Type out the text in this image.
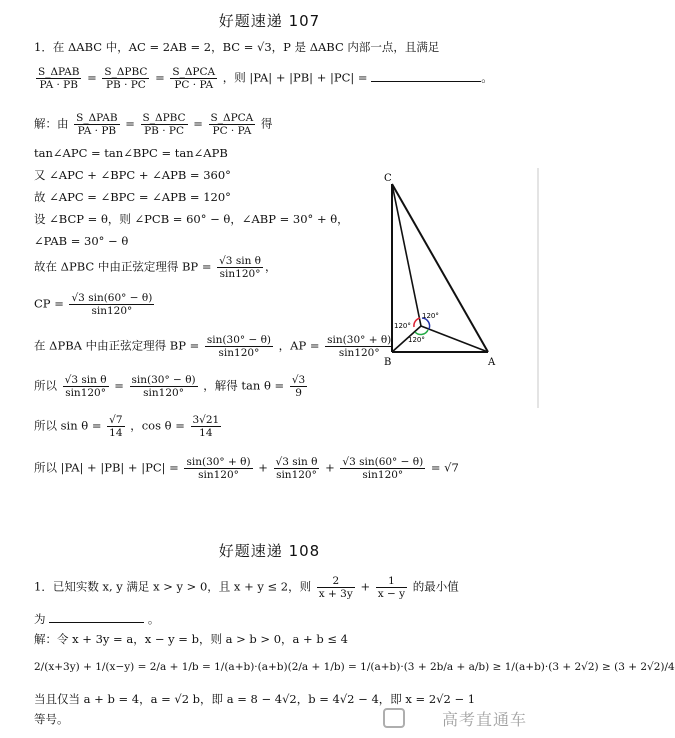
好题速递 107
1．在 ΔABC 中，AC = 2AB = 2，BC = √3，P 是 ΔABC 内部一点，且满足
$\frac{\text{S\_ΔPAB}}{PA \cdot PB} = \frac{\text{S\_ΔPBC}}{PB \cdot PC} = \frac{\text{S\_ΔPCA}}{PC \cdot PA}$ ，则 |PA| + |PB| + |PC| =	。
解：由 $\frac{\text{S\_ΔPAB}}{PA \cdot PB} = \frac{\text{S\_ΔPBC}}{PB \cdot PC} = \frac{\text{S\_ΔPCA}}{PC \cdot PA}$ 得
tan∠APC = tan∠BPC = tan∠APB
又 ∠APC + ∠BPC + ∠APB = 360°
故 ∠APC = ∠BPC = ∠APB = 120°
设 ∠BCP = θ，则 ∠PCB = 60° − θ，∠ABP = 30° + θ，
∠PAB = 30° − θ
故在 ΔPBC 中由正弦定理得 BP = $\frac{\text{√3 sin θ}}{\sin 120^\circ}$ ，
CP = $\frac{√3 \sin(60^\circ - \theta)}{\sin 120^\circ}$
在 ΔPBA 中由正弦定理得 BP = $\frac{\sin(30^\circ - \theta)}{\sin 120^\circ}$ ，AP = $\frac{\sin(30^\circ + \theta)}{\sin 120^\circ}$
所以 $\frac{\text{√3 sin θ}}{\sin 120^\circ} = \frac{\sin(30^\circ - \theta)}{\sin 120^\circ}$ ，解得 $\tan \theta = \frac{√3}{9}$
所以 $\sin \theta = \frac{√7}{14}$ ，$\cos \theta = \frac{3√21}{14}$
所以 $|PA| + |PB| + |PC| = \frac{\sin(30^\circ + \theta)}{\sin 120^\circ} + \frac{\text{√3 sin θ}}{\sin 120^\circ} + \frac{√3 \sin(60^\circ - \theta)}{\sin 120^\circ} = √7$
C
B	A
120°
120°
120°
好题速递 108
1．已知实数 x, y 满足 x > y > 0，且 x + y ≤ 2，则 $\frac{2}{x + 3y} + \frac{1}{x - y}$ 的最小值
为	。
解：令 x + 3y = a，x − y = b，则 a > b > 0，a + b ≤ 4
2/(x+3y) + 1/(x−y) = 2/a + 1/b = 1/(a+b)·(a+b)(2/a + 1/b) = 1/(a+b)·(3 + 2b/a + a/b) ≥ 1/(a+b)·(3 + 2√2) ≥ (3 + 2√2)/4
当且仅当 a + b = 4，a = √2 b，即 a = 8 − 4√2，b = 4√2 − 4，即 x = 2√2 − 1
等号。	高考直通车
